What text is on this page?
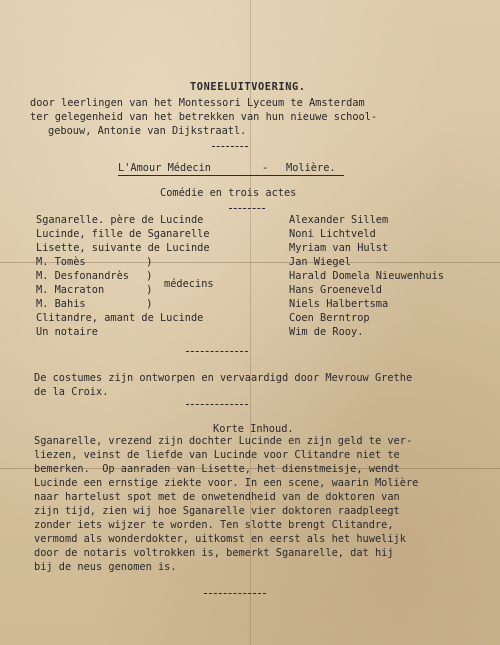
TONEELUITVOERING.
door leerlingen van het Montessori Lyceum te Amsterdam
ter gelegenheid van het betrekken van hun nieuwe school-
gebouw, Antonie van Dijkstraatl.
L'Amour Médecin	- Molière.
Comédie en trois actes
Sganarelle. père de Lucinde	Alexander Sillem
Lucinde, fille de Sganarelle	Noni Lichtveld
Lisette, suivante de Lucinde	Myriam van Hulst
M. Tomès	Jan Wiegel
M. Desfonandrès	Harald Domela Nieuwenhuis
M. Macraton	Hans Groeneveld
M. Bahis	Niels Halbertsma
Clitandre, amant de Lucinde	Coen Berntrop
Un notaire	Wim de Rooy.
)
)
)
)
médecins
De costumes zijn ontworpen en vervaardigd door Mevrouw Grethe
de la Croix.
Korte Inhoud.
Sganarelle, vrezend zijn dochter Lucinde en zijn geld te ver-
liezen, veinst de liefde van Lucinde voor Clitandre niet te
bemerken.  Op aanraden van Lisette, het dienstmeisje, wendt
Lucinde een ernstige ziekte voor. In een scene, waarin Molière
naar hartelust spot met de onwetendheid van de doktoren van
zijn tijd, zien wij hoe Sganarelle vier doktoren raadpleegt
zonder iets wijzer te worden. Ten slotte brengt Clitandre,
vermomd als wonderdokter, uitkomst en eerst als het huwelijk
door de notaris voltrokken is, bemerkt Sganarelle, dat hij
bij de neus genomen is.
